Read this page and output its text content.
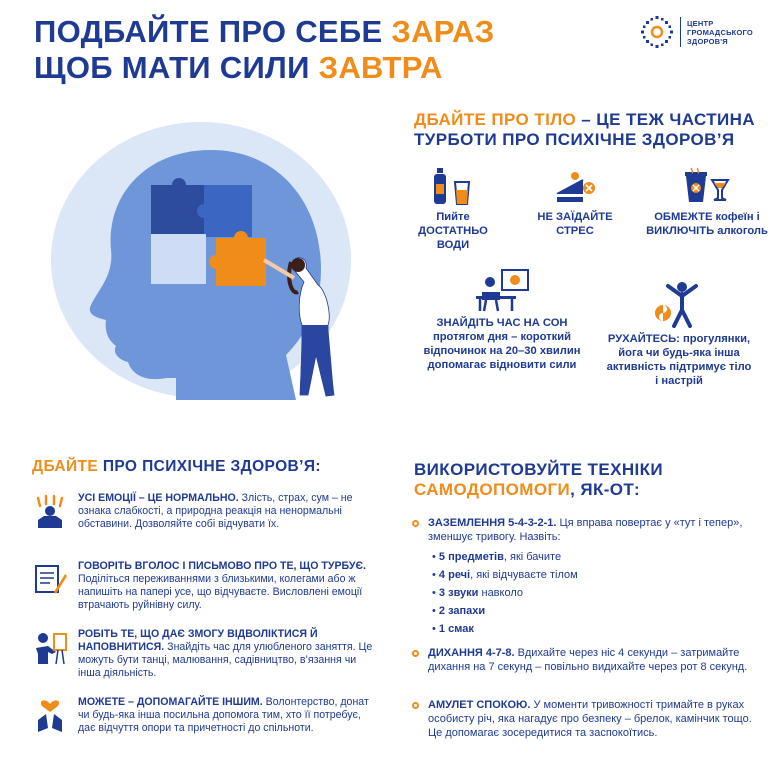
ПОДБАЙТЕ ПРО СЕБЕ ЗАРАЗ
ЩОБ МАТИ СИЛИ ЗАВТРА
ЦЕНТР
ГРОМАДСЬКОГО
ЗДОРОВ'Я
ДБАЙТЕ ПРО ТІЛО – ЦЕ ТЕЖ ЧАСТИНА ТУРБОТИ ПРО ПСИХІЧНЕ ЗДОРОВ’Я
Пийте ДОСТАТНЬО ВОДИ
НЕ ЗАЇДАЙТЕ СТРЕС
ОБМЕЖТЕ кофеїн і ВИКЛЮЧІТЬ алкоголь
ЗНАЙДІТЬ ЧАС НА СОН протягом дня – короткий відпочинок на 20–30 хвилин допомагає відновити сили
РУХАЙТЕСЬ: прогулянки, йога чи будь-яка інша активність підтримує тіло і настрій
ДБАЙТЕ ПРО ПСИХІЧНЕ ЗДОРОВ’Я:

УСІ ЕМОЦІЇ – ЦЕ НОРМАЛЬНО. Злість, страх, сум – не ознака слабкості, а природна реакція на ненормальні обставини. Дозволяйте собі відчувати їх.

ГОВОРІТЬ ВГОЛОС І ПИСЬМОВО ПРО ТЕ, ЩО ТУРБУЄ. Поділіться переживаннями з близькими, колегами або ж напишіть на папері усе, що відчуваєте. Висловлені емоції втрачають руйнівну силу.

РОБІТЬ ТЕ, ЩО ДАЄ ЗМОГУ ВІДВОЛІКТИСЯ Й НАПОВНИТИСЯ. Знайдіть час для улюбленого заняття. Це можуть бути танці, малювання, садівництво, в’язання чи інша діяльність.

МОЖЕТЕ – ДОПОМАГАЙТЕ ІНШИМ. Волонтерство, донат чи будь-яка інша посильна допомога тим, хто її потребує, дає відчуття опори та причетності до спільноти.

ВИКОРИСТОВУЙТЕ ТЕХНІКИ
САМОДОПОМОГИ, ЯК-ОТ:
ЗАЗЕМЛЕННЯ 5-4-3-2-1. Ця вправа повертає у «тут і тепер», зменшує тривогу. Назвіть:
• 5 предметів, які бачите
• 4 речі, які відчуваєте тілом
• 3 звуки навколо
• 2 запахи
• 1 смак
ДИХАННЯ 4-7-8. Вдихайте через ніс 4 секунди – затримайте дихання на 7 секунд – повільно видихайте через рот 8 секунд.
АМУЛЕТ СПОКОЮ. У моменти тривожності тримайте в руках особисту річ, яка нагадує про безпеку – брелок, камінчик тощо. Це допомагає зосередитися та заспокоїтись.
